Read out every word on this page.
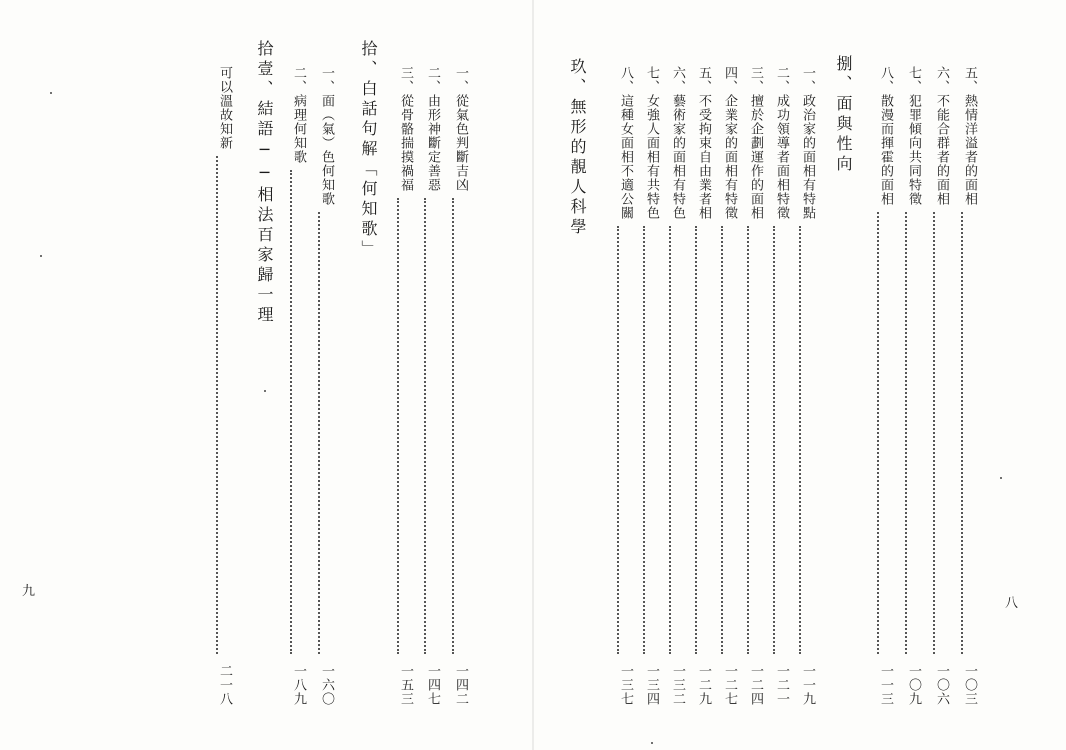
一、從氣色判斷吉凶
一四二
二、由形神斷定善惡
一四七
三、從骨骼揣摸禍福
一五三
拾、白話句解「何知歌」
一、面（氣）色何知歌
一六〇
二、病理何知歌
一八九
拾壹、結語──相法百家歸一理
可以溫故知新
二一八
九
五、熱情洋溢者的面相
一〇三
六、不能合群者的面相
一〇六
七、犯罪傾向共同特徵
一〇九
八、散漫而揮霍的面相
一一三
捌、面與性向
一、政治家的面相有特點
一一九
二、成功領導者面相特徵
一二一
三、擅於企劃運作的面相
一二四
四、企業家的面相有特徵
一二七
五、不受拘束自由業者相
一二九
六、藝術家的面相有特色
一三二
七、女強人面相有共特色
一三四
八、這種女面相不適公關
一三七
玖、無形的靚人科學
八
